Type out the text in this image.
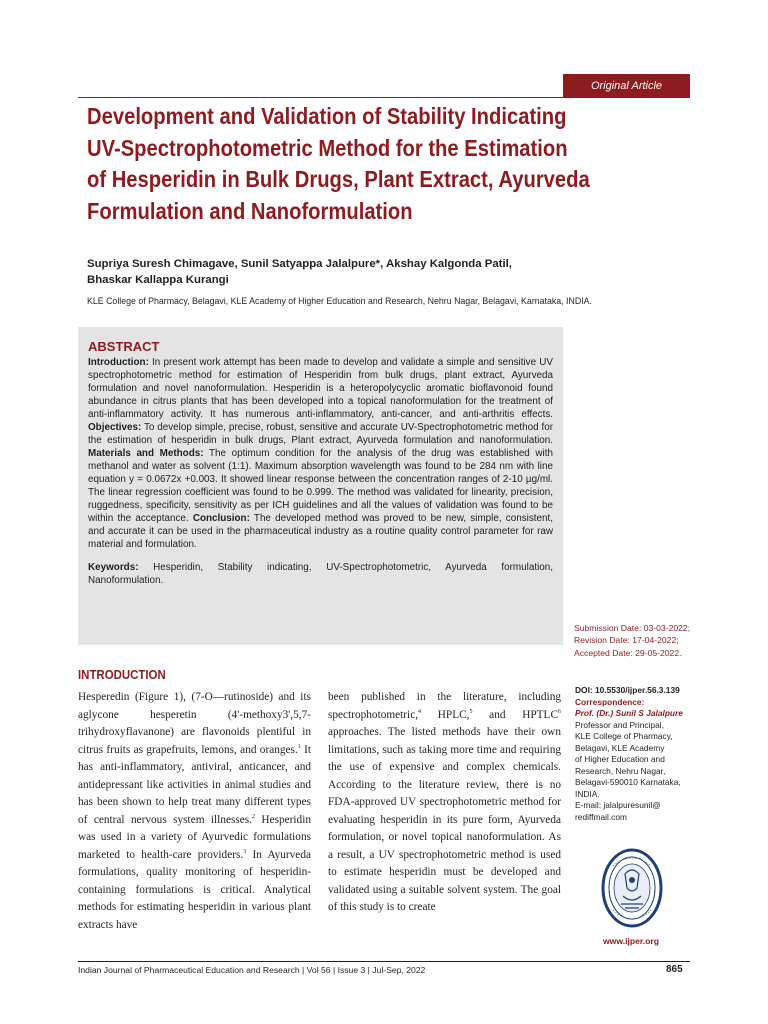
Original Article
Development and Validation of Stability Indicating
UV-Spectrophotometric Method for the Estimation
of Hesperidin in Bulk Drugs, Plant Extract, Ayurveda
Formulation and Nanoformulation
Supriya Suresh Chimagave, Sunil Satyappa Jalalpure*, Akshay Kalgonda Patil,
Bhaskar Kallappa Kurangi
KLE College of Pharmacy, Belagavi, KLE Academy of Higher Education and Research, Nehru Nagar, Belagavi, Karnataka, INDIA.
ABSTRACT

Introduction: In present work attempt has been made to develop and validate a simple and sensitive UV spectrophotometric method for estimation of Hesperidin from bulk drugs, plant extract, Ayurveda formulation and novel nanoformulation. Hesperidin is a heteropolycyclic aromatic bioflavonoid found abundance in citrus plants that has been developed into a topical nanoformulation for the treatment of anti-inflammatory activity. It has numerous anti-inflammatory, anti-cancer, and anti-arthritis effects. Objectives: To develop simple, precise, robust, sensitive and accurate UV-Spectrophotometric method for the estimation of hesperidin in bulk drugs, Plant extract, Ayurveda formulation and nanoformulation. Materials and Methods: The optimum condition for the analysis of the drug was established with methanol and water as solvent (1:1). Maximum absorption wavelength was found to be 284 nm with line equation y = 0.0672x +0.003. It showed linear response between the concentration ranges of 2-10 µg/ml. The linear regression coefficient was found to be 0.999. The method was validated for linearity, precision, ruggedness, specificity, sensitivity as per ICH guidelines and all the values of validation was found to be within the acceptance. Conclusion: The developed method was proved to be new, simple, consistent, and accurate it can be used in the pharmaceutical industry as a routine quality control parameter for raw material and formulation.

Keywords: Hesperidin, Stability indicating, UV-Spectrophotometric, Ayurveda formulation, Nanoformulation.

Submission Date: 03-03-2022;
Revision Date: 17-04-2022;
Accepted Date: 29-05-2022.
INTRODUCTION
Hesperedin (Figure 1), (7-O—rutinoside) and its aglycone hesperetin (4'-methoxy3',5,7-trihydroxyflavanone) are flavonoids plentiful in citrus fruits as grapefruits, lemons, and oranges.$^1$ It has anti-inflammatory, antiviral, anticancer, and antidepressant like activities in animal studies and has been shown to help treat many different types of central nervous system illnesses.$^2$ Hesperidin was used in a variety of Ayurvedic formulations marketed to health-care providers.$^3$ In Ayurveda formulations, quality monitoring of hesperidin-containing formulations is critical. Analytical methods for estimating hesperidin in various plant extracts have
been published in the literature, including spectrophotometric,$^4$ HPLC,$^5$ and HPTLC$^6$ approaches. The listed methods have their own limitations, such as taking more time and requiring the use of expensive and complex chemicals. According to the literature review, there is no FDA-approved UV spectrophotometric method for evaluating hesperidin in its pure form, Ayurveda formulation, or novel topical nanoformulation. As a result, a UV spectrophotometric method is used to estimate hesperidin must be developed and validated using a suitable solvent system. The goal of this study is to create
DOI: 10.5530/ijper.56.3.139
Correspondence:
Prof. (Dr.) Sunil S Jalalpure
Professor and Principal,
KLE College of Pharmacy,
Belagavi, KLE Academy
of Higher Education and
Research, Nehru Nagar,
Belagavi-590010 Karnataka,
INDIA.
E-mail: jalalpuresunil@
rediffmail.com
www.ijper.org
Indian Journal of Pharmaceutical Education and Research | Vol 56 | Issue 3 | Jul-Sep, 2022	865
